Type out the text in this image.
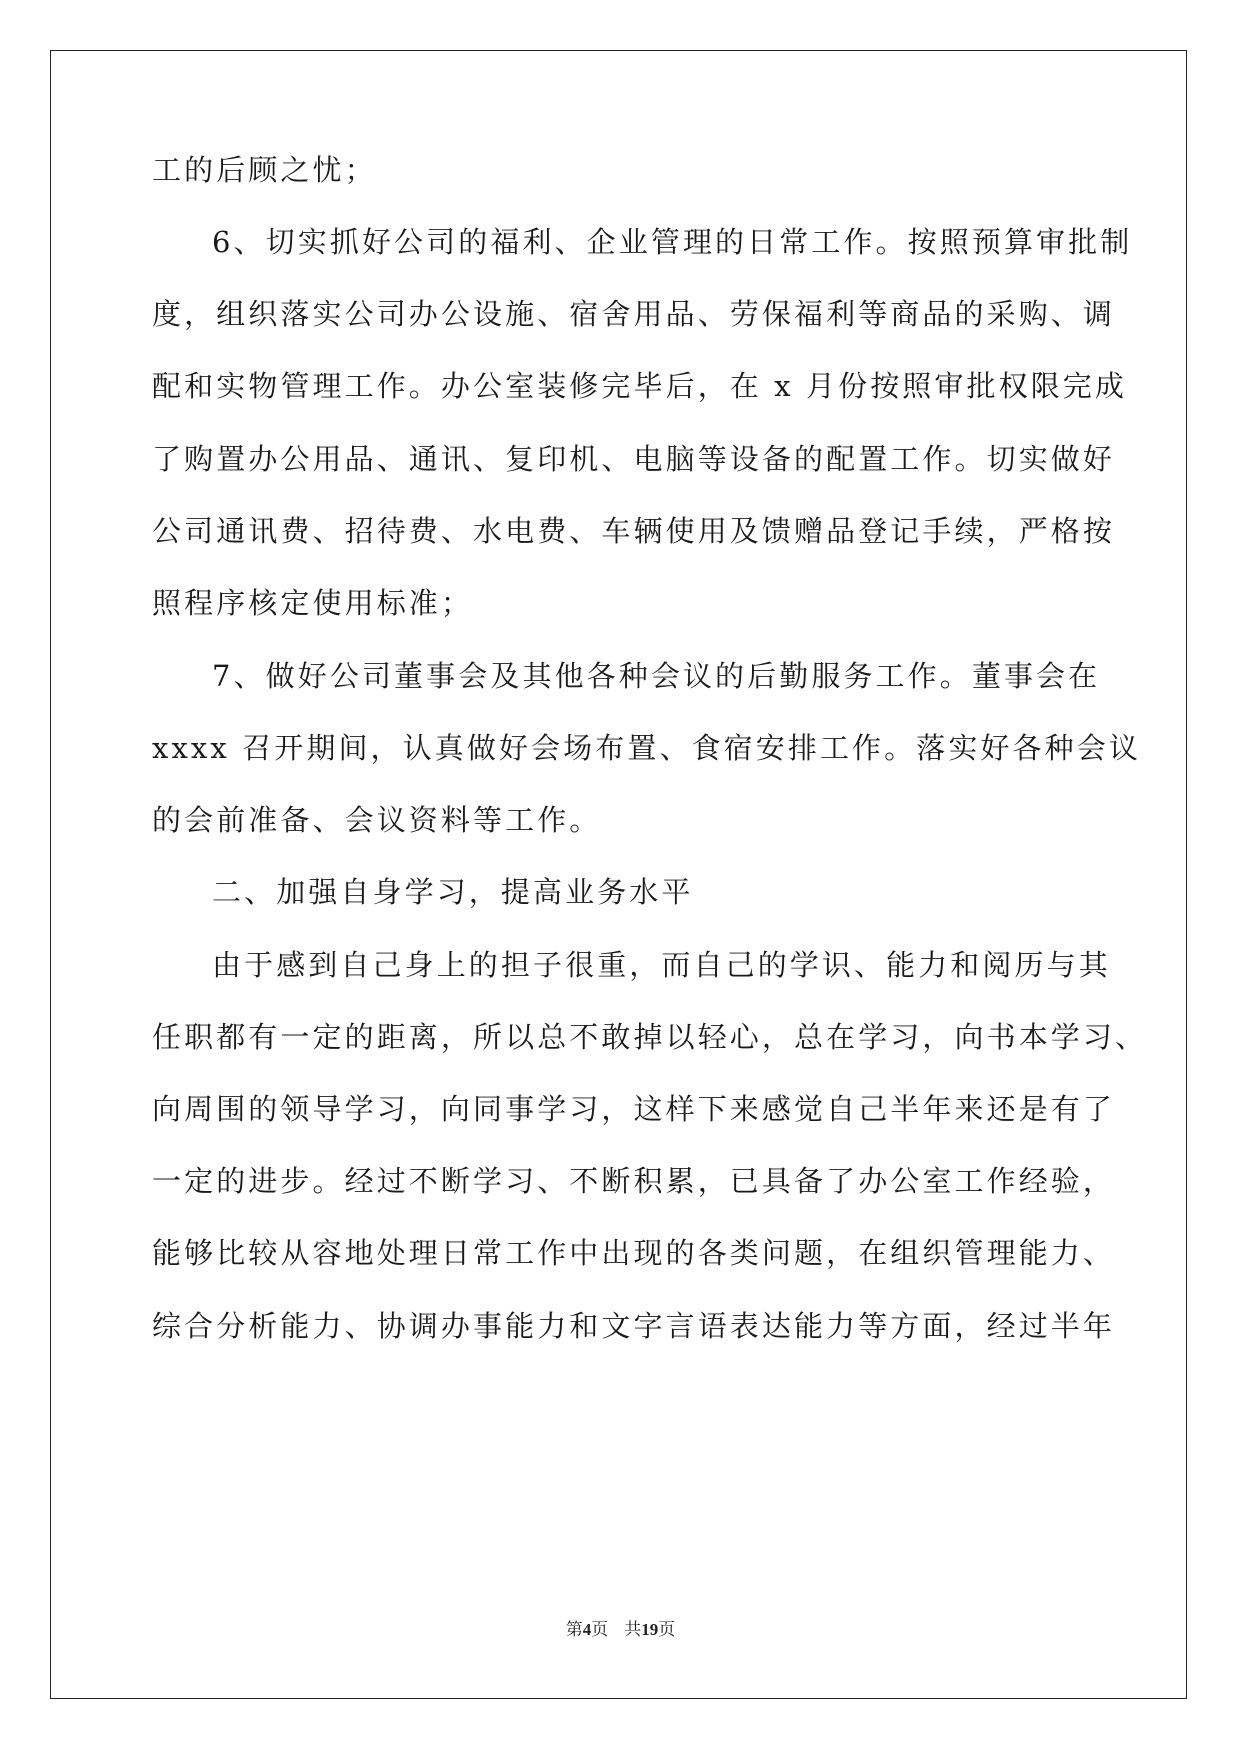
工的后顾之忧；
6、切实抓好公司的福利、企业管理的日常工作。按照预算审批制
度，组织落实公司办公设施、宿舍用品、劳保福利等商品的采购、调
配和实物管理工作。办公室装修完毕后，在 x 月份按照审批权限完成
了购置办公用品、通讯、复印机、电脑等设备的配置工作。切实做好
公司通讯费、招待费、水电费、车辆使用及馈赠品登记手续，严格按
照程序核定使用标准；
7、做好公司董事会及其他各种会议的后勤服务工作。董事会在
xxxx 召开期间，认真做好会场布置、食宿安排工作。落实好各种会议
的会前准备、会议资料等工作。
二、加强自身学习，提高业务水平
由于感到自己身上的担子很重，而自己的学识、能力和阅历与其
任职都有一定的距离，所以总不敢掉以轻心，总在学习，向书本学习、
向周围的领导学习，向同事学习，这样下来感觉自己半年来还是有了
一定的进步。经过不断学习、不断积累，已具备了办公室工作经验，
能够比较从容地处理日常工作中出现的各类问题，在组织管理能力、
综合分析能力、协调办事能力和文字言语表达能力等方面，经过半年
第4页 共19页
